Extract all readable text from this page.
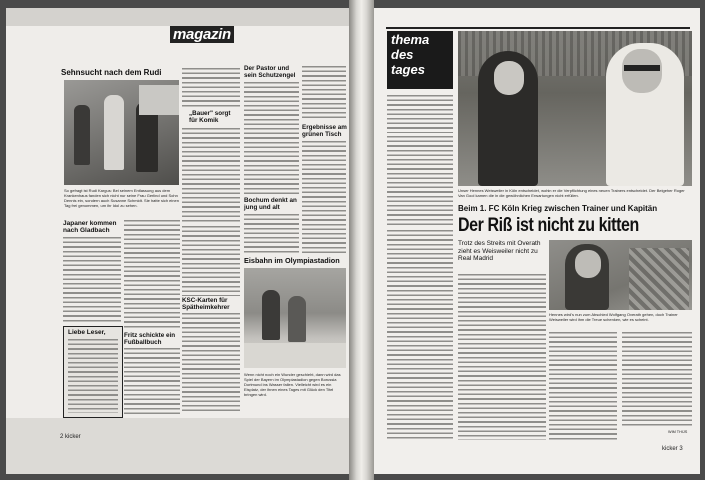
magazin
Sehnsucht nach dem Rudi
So gefragt ist Rudi Kargus: Bei seinem Entlassung aus dem Krankenhaus fanden sich nicht nur seine Frau Gerlind und Sohn Dennis ein, sondern auch Susanne Schmidt. Sie hatte sich einen Tag frei genommen, um ihr Idol zu sehen.
Japaner kommen nach Gladbach
Liebe Leser,	Fritz schickte ein Fußballbuch
„Bauer" sorgt für Komik
KSC-Karten für Spätheimkehrer
Der Pastor und sein Schutzengel
Bochum denkt an jung und alt
Ergebnisse am grünen Tisch
Eisbahn im Olympiastadion
Wenn nicht noch ein Wunder geschieht, dann wird das Spiel der Bayern im Olympiastadion gegen Borussia Dortmund ins Wasser fallen. Vielleicht wird es ein Eisplatz, der ihnen eines Tages mit Glück den Titel bringen wird.
2 kicker
thema
des
tages
Unser Hennes Weisweiler in Köln entscheidet, wohin er die Verpflichtung eines neuen Trainers entscheidet. Der Beigeher Roger Van Gool kamen die in die gewöhnlichen Erwartungen nicht erfüllen.
Beim 1. FC Köln Krieg zwischen Trainer und Kapitän
Der Riß ist nicht zu kitten
Trotz des Streits mit Overath zieht es Weisweiler nicht zu Real Madrid
Hennes wird's nun zum Abschied Wolfgang Overath gehen, doch Trainer Weisweiler wird ihm die Treue schenken, wie es scheint.
WIM THIJS
kicker 3
